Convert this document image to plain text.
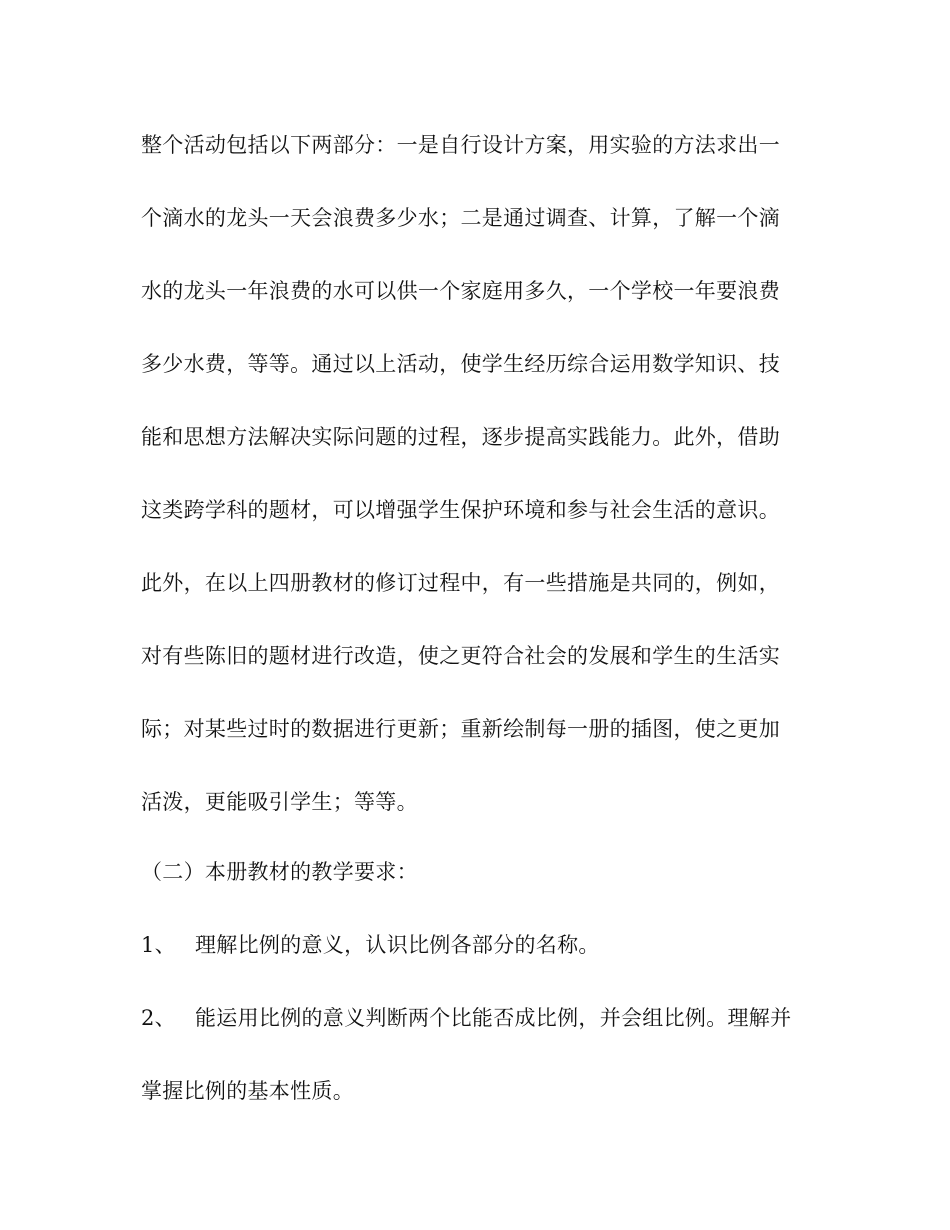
整个活动包括以下两部分：一是自行设计方案，用实验的方法求出一
个滴水的龙头一天会浪费多少水；二是通过调查、计算，了解一个滴
水的龙头一年浪费的水可以供一个家庭用多久，一个学校一年要浪费
多少水费，等等。通过以上活动，使学生经历综合运用数学知识、技
能和思想方法解决实际问题的过程，逐步提高实践能力。此外，借助
这类跨学科的题材，可以增强学生保护环境和参与社会生活的意识。
此外，在以上四册教材的修订过程中，有一些措施是共同的，例如，
对有些陈旧的题材进行改造，使之更符合社会的发展和学生的生活实
际；对某些过时的数据进行更新；重新绘制每一册的插图，使之更加
活泼，更能吸引学生；等等。
（二）本册教材的教学要求：
1、 理解比例的意义，认识比例各部分的名称。
2、 能运用比例的意义判断两个比能否成比例，并会组比例。理解并
掌握比例的基本性质。
